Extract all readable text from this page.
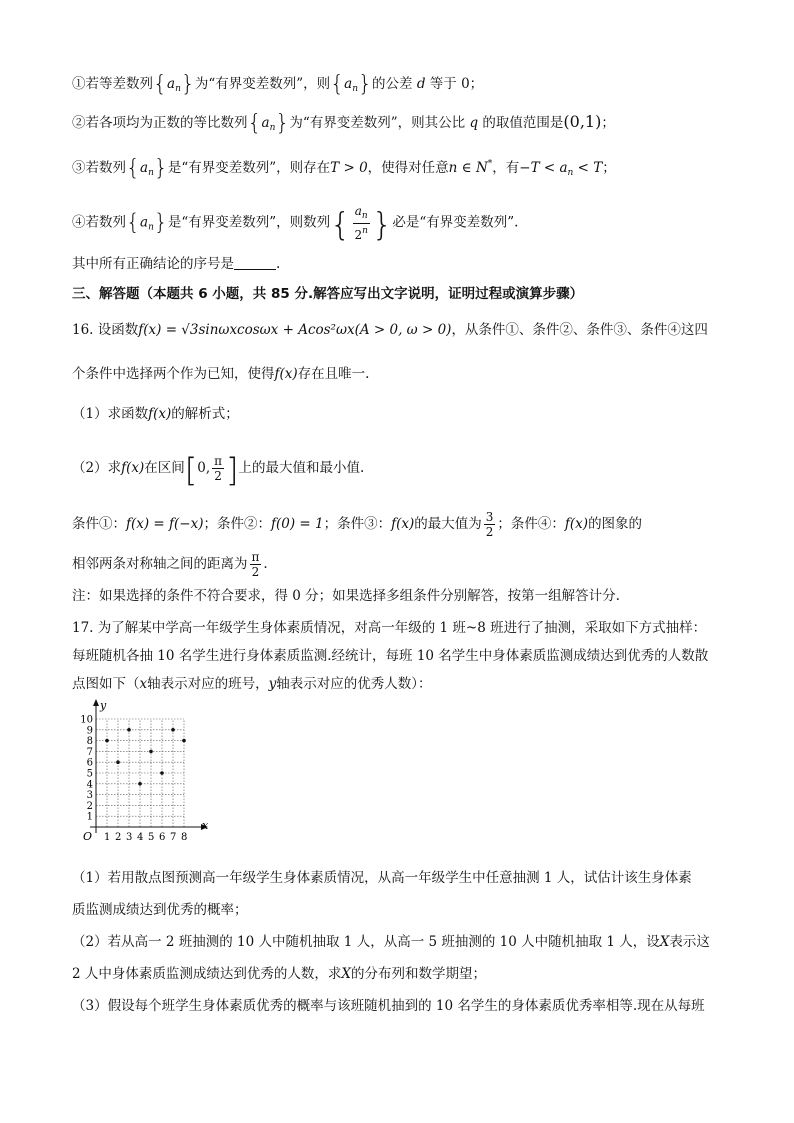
①若等差数列$\{a_n\}$为“有界变差数列”，则$\{a_n\}$的公差 d 等于 0；
②若各项均为正数的等比数列$\{a_n\}$为“有界变差数列”，则其公比 q 的取值范围是(0,1)；
③若数列$\{a_n\}$是“有界变差数列”，则存在T > 0，使得对任意n ∈ N*，有$-T < a_n < T$；
④若数列$\{a_n\}$是“有界变差数列”，则数列{ $\frac{a_n}{2^n}$ }必是“有界变差数列”.
其中所有正确结论的序号是	.
三、解答题（本题共 6 小题，共 85 分.解答应写出文字说明，证明过程或演算步骤）
16. 设函数f(x) = √3sinωxcosωx + Acos²ωx(A > 0, ω > 0)，从条件①、条件②、条件③、条件④这四
个条件中选择两个作为已知，使得f(x)存在且唯一.
（1）求函数f(x)的解析式；
（2）求f(x)在区间[0, $\frac{\pi}{2}$ ]上的最大值和最小值.
条件①：f(x) = f(−x)；条件②：f(0) = 1；条件③：f(x)的最大值为 $\frac{3}{2}$ ；条件④：f(x)的图象的
相邻两条对称轴之间的距离为 $\frac{\pi}{2}$ .
注：如果选择的条件不符合要求，得 0 分；如果选择多组条件分别解答，按第一组解答计分.
17. 为了解某中学高一年级学生身体素质情况，对高一年级的 1 班~8 班进行了抽测，采取如下方式抽样：
每班随机各抽 10 名学生进行身体素质监测.经统计，每班 10 名学生中身体素质监测成绩达到优秀的人数散
点图如下（x轴表示对应的班号，y轴表示对应的优秀人数）：
x
y
O 1 2 3 4 5 6 7 8
1
2
3
4
5
6
7
8
9
10
（1）若用散点图预测高一年级学生身体素质情况，从高一年级学生中任意抽测 1 人，试估计该生身体素
质监测成绩达到优秀的概率；
（2）若从高一 2 班抽测的 10 人中随机抽取 1 人，从高一 5 班抽测的 10 人中随机抽取 1 人，设X表示这
2 人中身体素质监测成绩达到优秀的人数，求X的分布列和数学期望；
（3）假设每个班学生身体素质优秀的概率与该班随机抽到的 10 名学生的身体素质优秀率相等.现在从每班
